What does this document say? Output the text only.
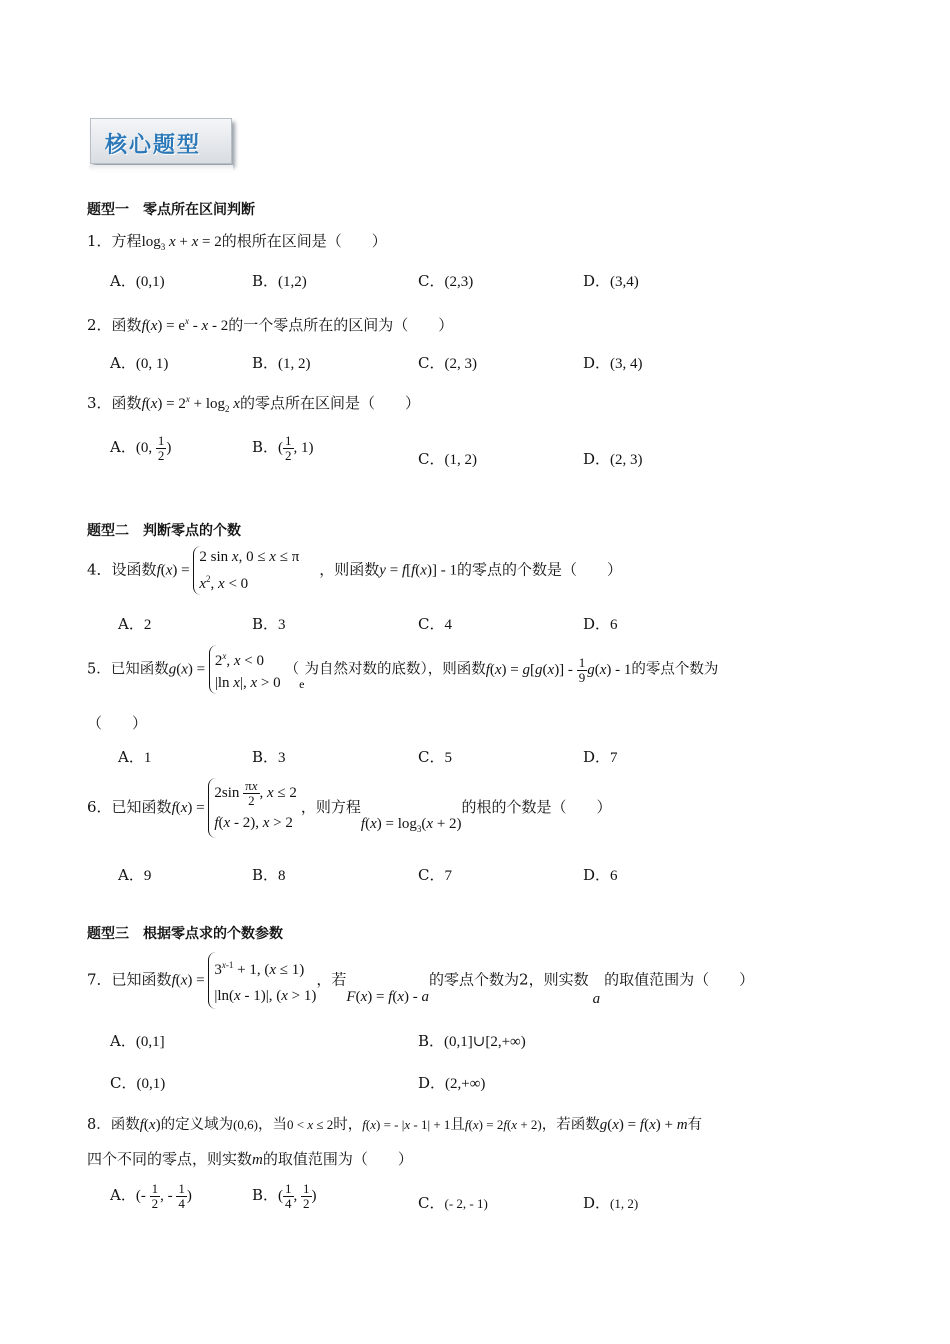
核心题型
题型一　零点所在区间判断
1．方程$\log_3 x + x = 2$的根所在区间是（　　）
A．(0,1)	B．(1,2)	C．(2,3)	D．(3,4)
2．函数$f(x) = e^x - x - 2$的一个零点所在的区间为（　　）
A．(0, 1)	B．(1, 2)	C．(2, 3)	D．(3, 4)
3．函数$f(x) = 2^x + \log_2 x$的零点所在区间是（　　）
A．(0, $\frac{1}{2}$ )	B．( $\frac{1}{2}$ , 1)
C．(1, 2)	D．(2, 3)
题型二　判断零点的个数
4．设函数f(x) = 2 sin x, 0 ≤ x ≤ π
$x^2$, x < 0，则函数y = f[f(x)] - 1的零点的个数是（　　）
A．2	B．3	C．4	D．6
5．已知函数$g(x) = 2^x$, x < 0
|ln x|, x > 0（e为自然对数的底数），则函数$f(x) = g[g(x)] - \frac{1}{9} g(x) - 1$的零点个数为
（　　）
A．1	B．3	C．5	D．7
6．已知函数$f(x) = 2\sin \frac{\pi x}{2}$ , x ≤ 2
f(x - 2), x > 2，则方程$f(x) = \log_3(x + 2)$的根的个数是（　　）
A．9	B．8	C．7	D．6
题型三　根据零点求的个数参数
7．已知函数$f(x) = 3^{x-1} + 1$, (x ≤ 1)
|ln(x - 1)|, (x > 1)，若F(x) = f(x) - a的零点个数为2，则实数a的取值范围为（　　）
A．(0,1]	B．(0,1]∪[2,+∞)
C．(0,1)	D．(2,+∞)
8．函数f(x)的定义域为(0,6)，当0 < x ≤ 2时，f(x) = - |x - 1| + 1且f(x) = 2f(x + 2)，若函数g(x) = f(x) + m有
四个不同的零点，则实数m的取值范围为（　　）
A．(- $\frac{1}{2}$ , - $\frac{1}{4}$ )	B．( $\frac{1}{4}$ , $\frac{1}{2}$ )	C．(- 2, - 1)	D．(1, 2)
